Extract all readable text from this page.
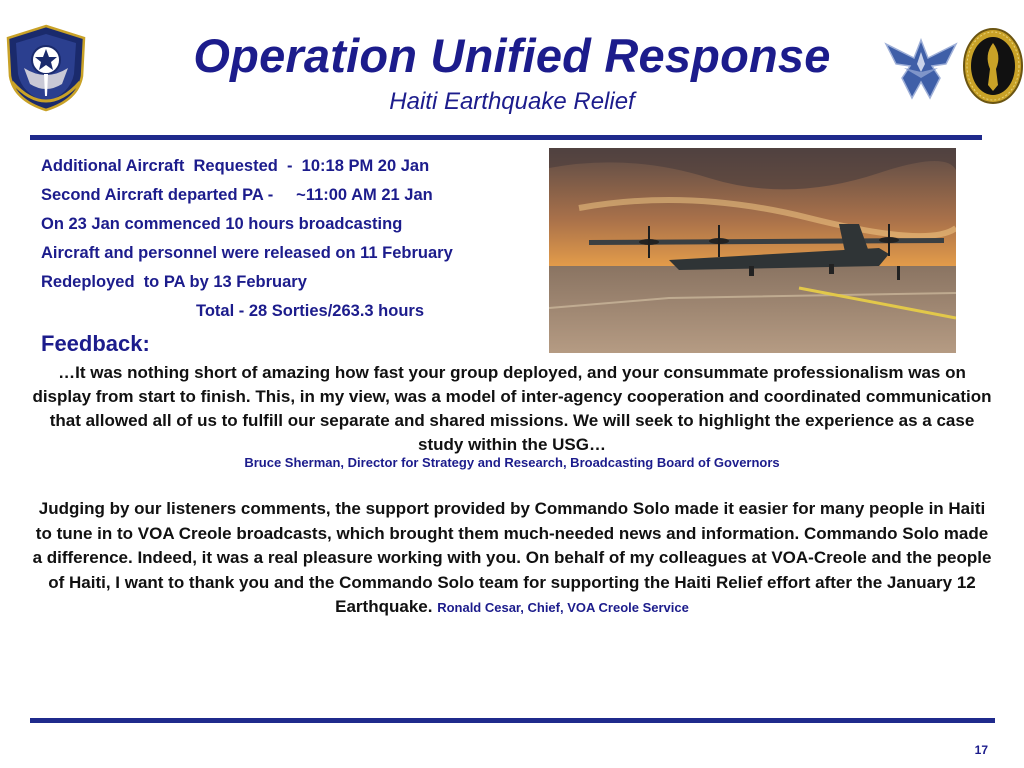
Operation Unified Response
Haiti Earthquake Relief
Additional Aircraft  Requested  -  10:18 PM 20 Jan
Second Aircraft departed PA -     ~11:00 AM 21 Jan
On 23 Jan commenced 10 hours broadcasting
Aircraft and personnel were released on 11 February
Redeployed  to PA by 13 February
Total - 28 Sorties/263.3 hours
Feedback:
…It was nothing short of amazing how fast your group deployed, and your consummate professionalism was on display from start to finish. This, in my view, was a model of inter-agency cooperation and coordinated communication that allowed all of us to fulfill our separate and shared missions. We will seek to highlight the experience as a case study within the USG…
Bruce Sherman, Director for Strategy and Research, Broadcasting Board of Governors
Judging by our listeners comments, the support provided by Commando Solo made it easier for many people in Haiti to tune in to VOA Creole broadcasts, which brought them much-needed news and information. Commando Solo made a difference. Indeed, it was a real pleasure working with you. On behalf of my colleagues at VOA-Creole and the people of Haiti, I want to thank you and the Commando Solo team for supporting the Haiti Relief effort after the January 12 Earthquake. Ronald Cesar, Chief, VOA Creole Service
17
